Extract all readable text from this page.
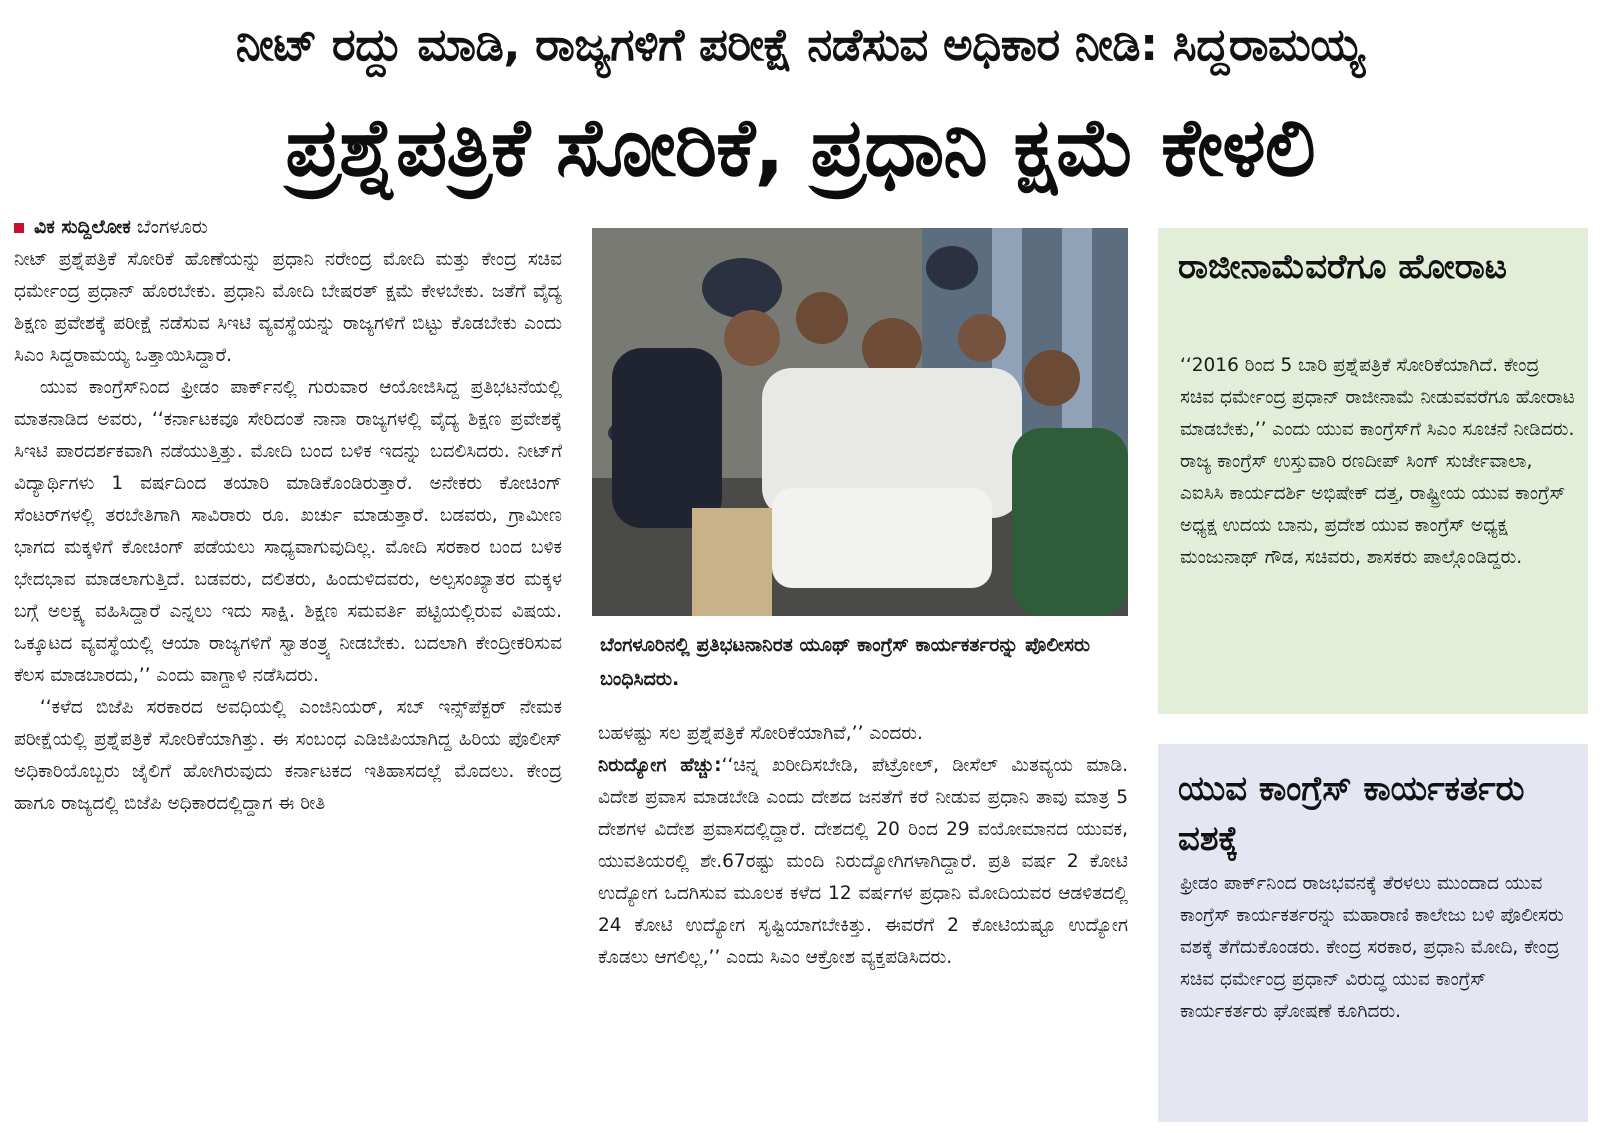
ನೀಟ್‌ ರದ್ದು ಮಾಡಿ, ರಾಜ್ಯಗಳಿಗೆ ಪರೀಕ್ಷೆ ನಡೆಸುವ ಅಧಿಕಾರ ನೀಡಿ: ಸಿದ್ದರಾಮಯ್ಯ
ಪ್ರಶ್ನೆಪತ್ರಿಕೆ ಸೋರಿಕೆ, ಪ್ರಧಾನಿ ಕ್ಷಮೆ ಕೇಳಲಿ
ವಿಕ ಸುದ್ದಿಲೋಕ ಬೆಂಗಳೂರು

ನೀಟ್‌ ಪ್ರಶ್ನೆಪತ್ರಿಕೆ ಸೋರಿಕೆ ಹೊಣೆಯನ್ನು ಪ್ರಧಾನಿ ನರೇಂದ್ರ ಮೋದಿ ಮತ್ತು ಕೇಂದ್ರ ಸಚಿವ ಧರ್ಮೇಂದ್ರ ಪ್ರಧಾನ್‌ ಹೊರಬೇಕು. ಪ್ರಧಾನಿ ಮೋದಿ ಬೇಷರತ್‌ ಕ್ಷಮೆ ಕೇಳಬೇಕು. ಜತೆಗೆ ವೈದ್ಯ ಶಿಕ್ಷಣ ಪ್ರವೇಶಕ್ಕೆ ಪರೀಕ್ಷೆ ನಡೆಸುವ ಸಿಇಟಿ ವ್ಯವಸ್ಥೆಯನ್ನು ರಾಜ್ಯಗಳಿಗೆ ಬಿಟ್ಟು ಕೊಡಬೇಕು ಎಂದು ಸಿಎಂ ಸಿದ್ದರಾಮಯ್ಯ ಒತ್ತಾಯಿಸಿದ್ದಾರೆ.

ಯುವ ಕಾಂಗ್ರೆಸ್‌ನಿಂದ ಫ್ರೀಡಂ ಪಾರ್ಕ್‌ನಲ್ಲಿ ಗುರುವಾರ ಆಯೋಜಿಸಿದ್ದ ಪ್ರತಿಭಟನೆಯಲ್ಲಿ ಮಾತನಾಡಿದ ಅವರು, ‘‘ಕರ್ನಾಟಕವೂ ಸೇರಿದಂತೆ ನಾನಾ ರಾಜ್ಯಗಳಲ್ಲಿ ವೈದ್ಯ ಶಿಕ್ಷಣ ಪ್ರವೇಶಕ್ಕೆ ಸಿಇಟಿ ಪಾರದರ್ಶಕವಾಗಿ ನಡೆಯುತ್ತಿತ್ತು. ಮೋದಿ ಬಂದ ಬಳಿಕ ಇದನ್ನು ಬದಲಿಸಿದರು. ನೀಟ್‌ಗೆ ವಿದ್ಯಾರ್ಥಿಗಳು 1 ವರ್ಷದಿಂದ ತಯಾರಿ ಮಾಡಿಕೊಂಡಿರುತ್ತಾರೆ. ಅನೇಕರು ಕೋಚಿಂಗ್‌ ಸೆಂಟರ್‌ಗಳಲ್ಲಿ ತರಬೇತಿಗಾಗಿ ಸಾವಿರಾರು ರೂ. ಖರ್ಚು ಮಾಡುತ್ತಾರೆ. ಬಡವರು, ಗ್ರಾಮೀಣ ಭಾಗದ ಮಕ್ಕಳಿಗೆ ಕೋಚಿಂಗ್‌ ಪಡೆಯಲು ಸಾಧ್ಯವಾಗುವುದಿಲ್ಲ. ಮೋದಿ ಸರಕಾರ ಬಂದ ಬಳಿಕ ಭೇದಭಾವ ಮಾಡಲಾಗುತ್ತಿದೆ. ಬಡವರು, ದಲಿತರು, ಹಿಂದುಳಿದವರು, ಅಲ್ಪಸಂಖ್ಯಾತರ ಮಕ್ಕಳ ಬಗ್ಗೆ ಅಲಕ್ಷ್ಯ ವಹಿಸಿದ್ದಾರೆ ಎನ್ನಲು ಇದು ಸಾಕ್ಷಿ. ಶಿಕ್ಷಣ ಸಮವರ್ತಿ ಪಟ್ಟಿಯಲ್ಲಿರುವ ವಿಷಯ. ಒಕ್ಕೂಟದ ವ್ಯವಸ್ಥೆಯಲ್ಲಿ ಆಯಾ ರಾಜ್ಯಗಳಿಗೆ ಸ್ವಾತಂತ್ರ್ಯ ನೀಡಬೇಕು. ಬದಲಾಗಿ ಕೇಂದ್ರೀಕರಿಸುವ ಕೆಲಸ ಮಾಡಬಾರದು,’’ ಎಂದು ವಾಗ್ದಾಳಿ ನಡೆಸಿದರು.

‘‘ಕಳೆದ ಬಿಜೆಪಿ ಸರಕಾರದ ಅವಧಿಯಲ್ಲಿ ಎಂಜಿನಿಯರ್‌, ಸಬ್‌ ಇನ್ಸ್‌ಪೆಕ್ಟರ್‌ ನೇಮಕ ಪರೀಕ್ಷೆಯಲ್ಲಿ ಪ್ರಶ್ನೆಪತ್ರಿಕೆ ಸೋರಿಕೆಯಾಗಿತ್ತು. ಈ ಸಂಬಂಧ ಎಡಿಜಿಪಿಯಾಗಿದ್ದ ಹಿರಿಯ ಪೊಲೀಸ್‌ ಅಧಿಕಾರಿಯೊಬ್ಬರು ಜೈಲಿಗೆ ಹೋಗಿರುವುದು ಕರ್ನಾಟಕದ ಇತಿಹಾಸದಲ್ಲೆ ಮೊದಲು. ಕೇಂದ್ರ ಹಾಗೂ ರಾಜ್ಯದಲ್ಲಿ ಬಿಜೆಪಿ ಅಧಿಕಾರದಲ್ಲಿದ್ದಾಗ ಈ ರೀತಿ

ಬೆಂಗಳೂರಿನಲ್ಲಿ ಪ್ರತಿಭಟನಾನಿರತ ಯೂಥ್‌ ಕಾಂಗ್ರೆಸ್‌ ಕಾರ್ಯಕರ್ತರನ್ನು ಪೊಲೀಸರು ಬಂಧಿಸಿದರು.

ಬಹಳಷ್ಟು ಸಲ ಪ್ರಶ್ನೆಪತ್ರಿಕೆ ಸೋರಿಕೆಯಾಗಿವೆ,’’ ಎಂದರು.

ನಿರುದ್ಯೋಗ ಹೆಚ್ಚು:‘‘ಚಿನ್ನ ಖರೀದಿಸಬೇಡಿ, ಪೆಟ್ರೋಲ್‌, ಡೀಸೆಲ್‌ ಮಿತವ್ಯಯ ಮಾಡಿ. ವಿದೇಶ ಪ್ರವಾಸ ಮಾಡಬೇಡಿ ಎಂದು ದೇಶದ ಜನತೆಗೆ ಕರೆ ನೀಡುವ ಪ್ರಧಾನಿ ತಾವು ಮಾತ್ರ 5 ದೇಶಗಳ ವಿದೇಶ ಪ್ರವಾಸದಲ್ಲಿದ್ದಾರೆ. ದೇಶದಲ್ಲಿ 20 ರಿಂದ 29 ವಯೋಮಾನದ ಯುವಕ, ಯುವತಿಯರಲ್ಲಿ ಶೇ.67ರಷ್ಟು ಮಂದಿ ನಿರುದ್ಯೋಗಿಗಳಾಗಿದ್ದಾರೆ. ಪ್ರತಿ ವರ್ಷ 2 ಕೋಟಿ ಉದ್ಯೋಗ ಒದಗಿಸುವ ಮೂಲಕ ಕಳೆದ 12 ವರ್ಷಗಳ ಪ್ರಧಾನಿ ಮೋದಿಯವರ ಆಡಳಿತದಲ್ಲಿ 24 ಕೋಟಿ ಉದ್ಯೋಗ ಸೃಷ್ಟಿಯಾಗಬೇಕಿತ್ತು. ಈವರೆಗೆ 2 ಕೋಟಿಯಷ್ಟೂ ಉದ್ಯೋಗ ಕೊಡಲು ಆಗಲಿಲ್ಲ,’’ ಎಂದು ಸಿಎಂ ಆಕ್ರೋಶ ವ್ಯಕ್ತಪಡಿಸಿದರು.

ರಾಜೀನಾಮೆವರೆಗೂ ಹೋರಾಟ
‘‘2016 ರಿಂದ 5 ಬಾರಿ ಪ್ರಶ್ನೆಪತ್ರಿಕೆ ಸೋರಿಕೆಯಾಗಿದೆ. ಕೇಂದ್ರ ಸಚಿವ ಧರ್ಮೇಂದ್ರ ಪ್ರಧಾನ್‌ ರಾಜೀನಾಮೆ ನೀಡುವವರೆಗೂ ಹೋರಾಟ ಮಾಡಬೇಕು,’’ ಎಂದು ಯುವ ಕಾಂಗ್ರೆಸ್‌ಗೆ ಸಿಎಂ ಸೂಚನೆ ನೀಡಿದರು. ರಾಜ್ಯ ಕಾಂಗ್ರೆಸ್‌ ಉಸ್ತುವಾರಿ ರಣದೀಪ್‌ ಸಿಂಗ್‌ ಸುರ್ಜೇವಾಲಾ, ಎಐಸಿಸಿ ಕಾರ್ಯದರ್ಶಿ ಅಭಿಷೇಕ್‌ ದತ್ತ, ರಾಷ್ಟ್ರೀಯ ಯುವ ಕಾಂಗ್ರೆಸ್‌ ಅಧ್ಯಕ್ಷ ಉದಯ ಬಾನು, ಪ್ರದೇಶ ಯುವ ಕಾಂಗ್ರೆಸ್‌ ಅಧ್ಯಕ್ಷ ಮಂಜುನಾಥ್‌ ಗೌಡ, ಸಚಿವರು, ಶಾಸಕರು ಪಾಲ್ಗೊಂಡಿದ್ದರು.
ಯುವ ಕಾಂಗ್ರೆಸ್‌ ಕಾರ್ಯಕರ್ತರು ವಶಕ್ಕೆ
ಫ್ರೀಡಂ ಪಾರ್ಕ್‌ನಿಂದ ರಾಜಭವನಕ್ಕೆ ತೆರಳಲು ಮುಂದಾದ ಯುವ ಕಾಂಗ್ರೆಸ್‌ ಕಾರ್ಯಕರ್ತರನ್ನು ಮಹಾರಾಣಿ ಕಾಲೇಜು ಬಳಿ ಪೊಲೀಸರು ವಶಕ್ಕೆ ತೆಗೆದುಕೊಂಡರು. ಕೇಂದ್ರ ಸರಕಾರ, ಪ್ರಧಾನಿ ಮೋದಿ, ಕೇಂದ್ರ ಸಚಿವ ಧರ್ಮೇಂದ್ರ ಪ್ರಧಾನ್‌ ವಿರುದ್ಧ ಯುವ ಕಾಂಗ್ರೆಸ್‌ ಕಾರ್ಯಕರ್ತರು ಘೋಷಣೆ ಕೂಗಿದರು.
